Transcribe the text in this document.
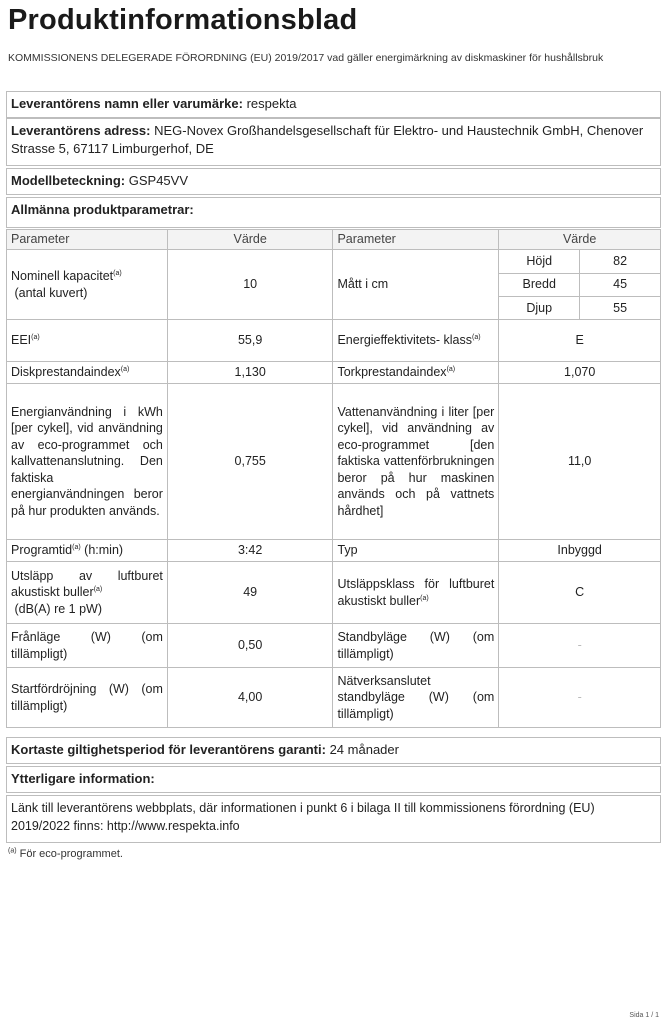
Produktinformationsblad
KOMMISSIONENS DELEGERADE FÖRORDNING (EU) 2019/2017 vad gäller energimärkning av diskmaskiner för hushållsbruk
Leverantörens namn eller varumärke: respekta
Leverantörens adress: NEG-Novex Großhandelsgesellschaft für Elektro- und Haustechnik GmbH, Chenover Strasse 5, 67117 Limburgerhof, DE
Modellbeteckning: GSP45VV
Allmänna produktparametrar:
Parameter	Värde	Parameter	Värde
Nominell kapacitet$^{(a)}$
(antal kuvert)	10	Mått i cm	
Höjd	82
Bredd	45
Djup	55

EEI$^{(a)}$	55,9	Energieffektivitets- klass$^{(a)}$	E
Diskprestandaindex$^{(a)}$	1,130	Torkprestandaindex$^{(a)}$	1,070
Energianvändning i kWh [per cykel], vid användning av eco-programmet och kallvattenanslutning. Den faktiska energianvändningen beror på hur produkten används.	0,755	Vattenanvändning i liter [per cykel], vid användning av eco-programmet [den faktiska vattenförbrukningen beror på hur maskinen används och på vattnets hårdhet]	11,0
Programtid$^{(a)}$ (h:min)	3:42	Typ	Inbyggd
Utsläpp av luftburet akustiskt buller$^{(a)}$
(dB(A) re 1 pW)	49	Utsläppsklass för luftburet akustiskt buller$^{(a)}$	C
Frånläge (W) (om tillämpligt)	0,50	Standbyläge (W) (om tillämpligt)	-
Startfördröjning (W) (om tillämpligt)	4,00	Nätverksanslutet standbyläge (W) (om tillämpligt)	-
Kortaste giltighetsperiod för leverantörens garanti: 24 månader
Ytterligare information:
Länk till leverantörens webbplats, där informationen i punkt 6 i bilaga II till kommissionens förordning (EU) 2019/2022 finns: http://www.respekta.info
$^{(a)}$ För eco-programmet.
Sida 1 / 1
